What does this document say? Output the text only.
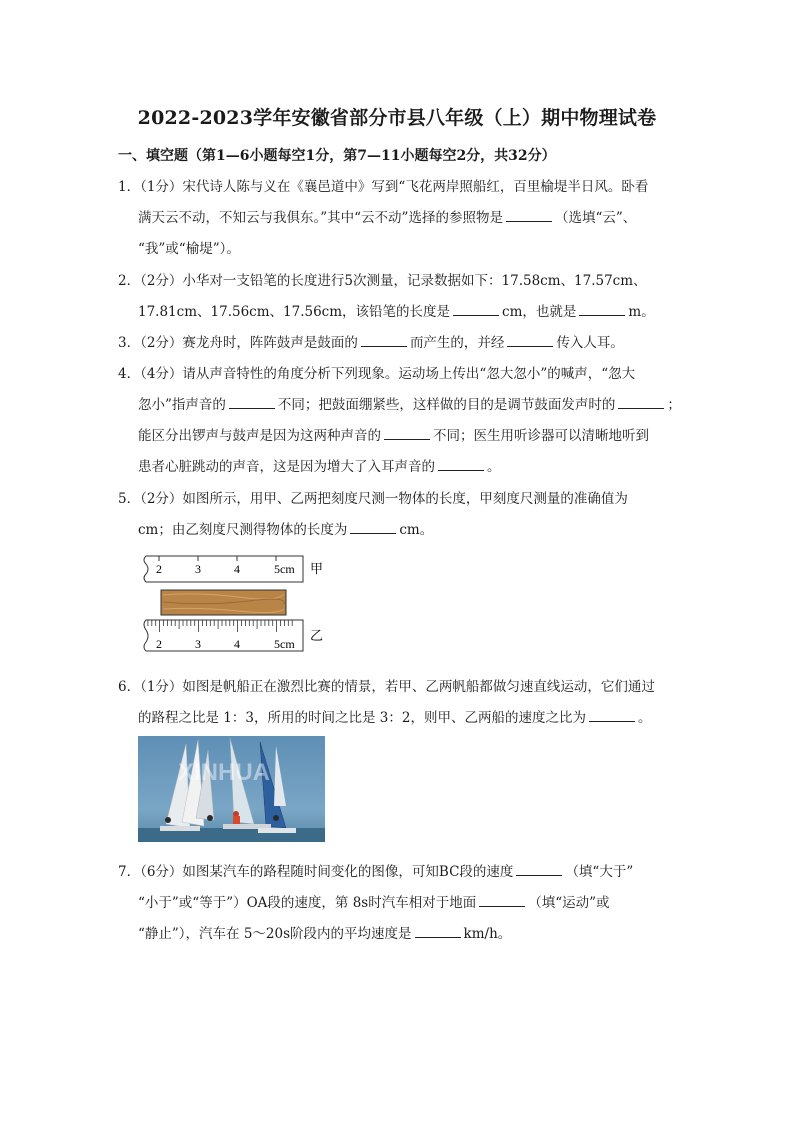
2022-2023学年安徽省部分市县八年级（上）期中物理试卷
一、填空题（第1—6小题每空1分，第7—11小题每空2分，共32分）
1．（1分）宋代诗人陈与义在《襄邑道中》写到“飞花两岸照船红，百里榆堤半日风。卧看
满天云不动，不知云与我俱东。”其中“云不动”选择的参照物是	（选填“云”、
“我”或“榆堤”）。
2．（2分）小华对一支铅笔的长度进行5次测量，记录数据如下：17.58cm、17.57cm、
17.81cm、17.56cm、17.56cm，该铅笔的长度是	cm，也就是	m。
3．（2分）赛龙舟时，阵阵鼓声是鼓面的	而产生的，并经	传入人耳。
4．（4分）请从声音特性的角度分析下列现象。运动场上传出“忽大忽小”的喊声，“忽大
忽小”指声音的	不同；把鼓面绷紧些，这样做的目的是调节鼓面发声时的	；
能区分出锣声与鼓声是因为这两种声音的	不同；医生用听诊器可以清晰地听到
患者心脏跳动的声音，这是因为增大了入耳声音的	。
5．（2分）如图所示，用甲、乙两把刻度尺测一物体的长度，甲刻度尺测量的准确值为
cm；由乙刻度尺测得物体的长度为	cm。
2	3	4	5cm 甲
2	3	4	5cm 乙
6．（1分）如图是帆船正在激烈比赛的情景，若甲、乙两帆船都做匀速直线运动，它们通过
的路程之比是 1：3，所用的时间之比是 3：2，则甲、乙两船的速度之比为	。
XINHUA
7．（6分）如图某汽车的路程随时间变化的图像，可知BC段的速度	（填“大于”
“小于”或“等于”）OA段的速度，第 8s时汽车相对于地面	（填“运动”或
“静止”），汽车在 5～20s阶段内的平均速度是	km/h。
